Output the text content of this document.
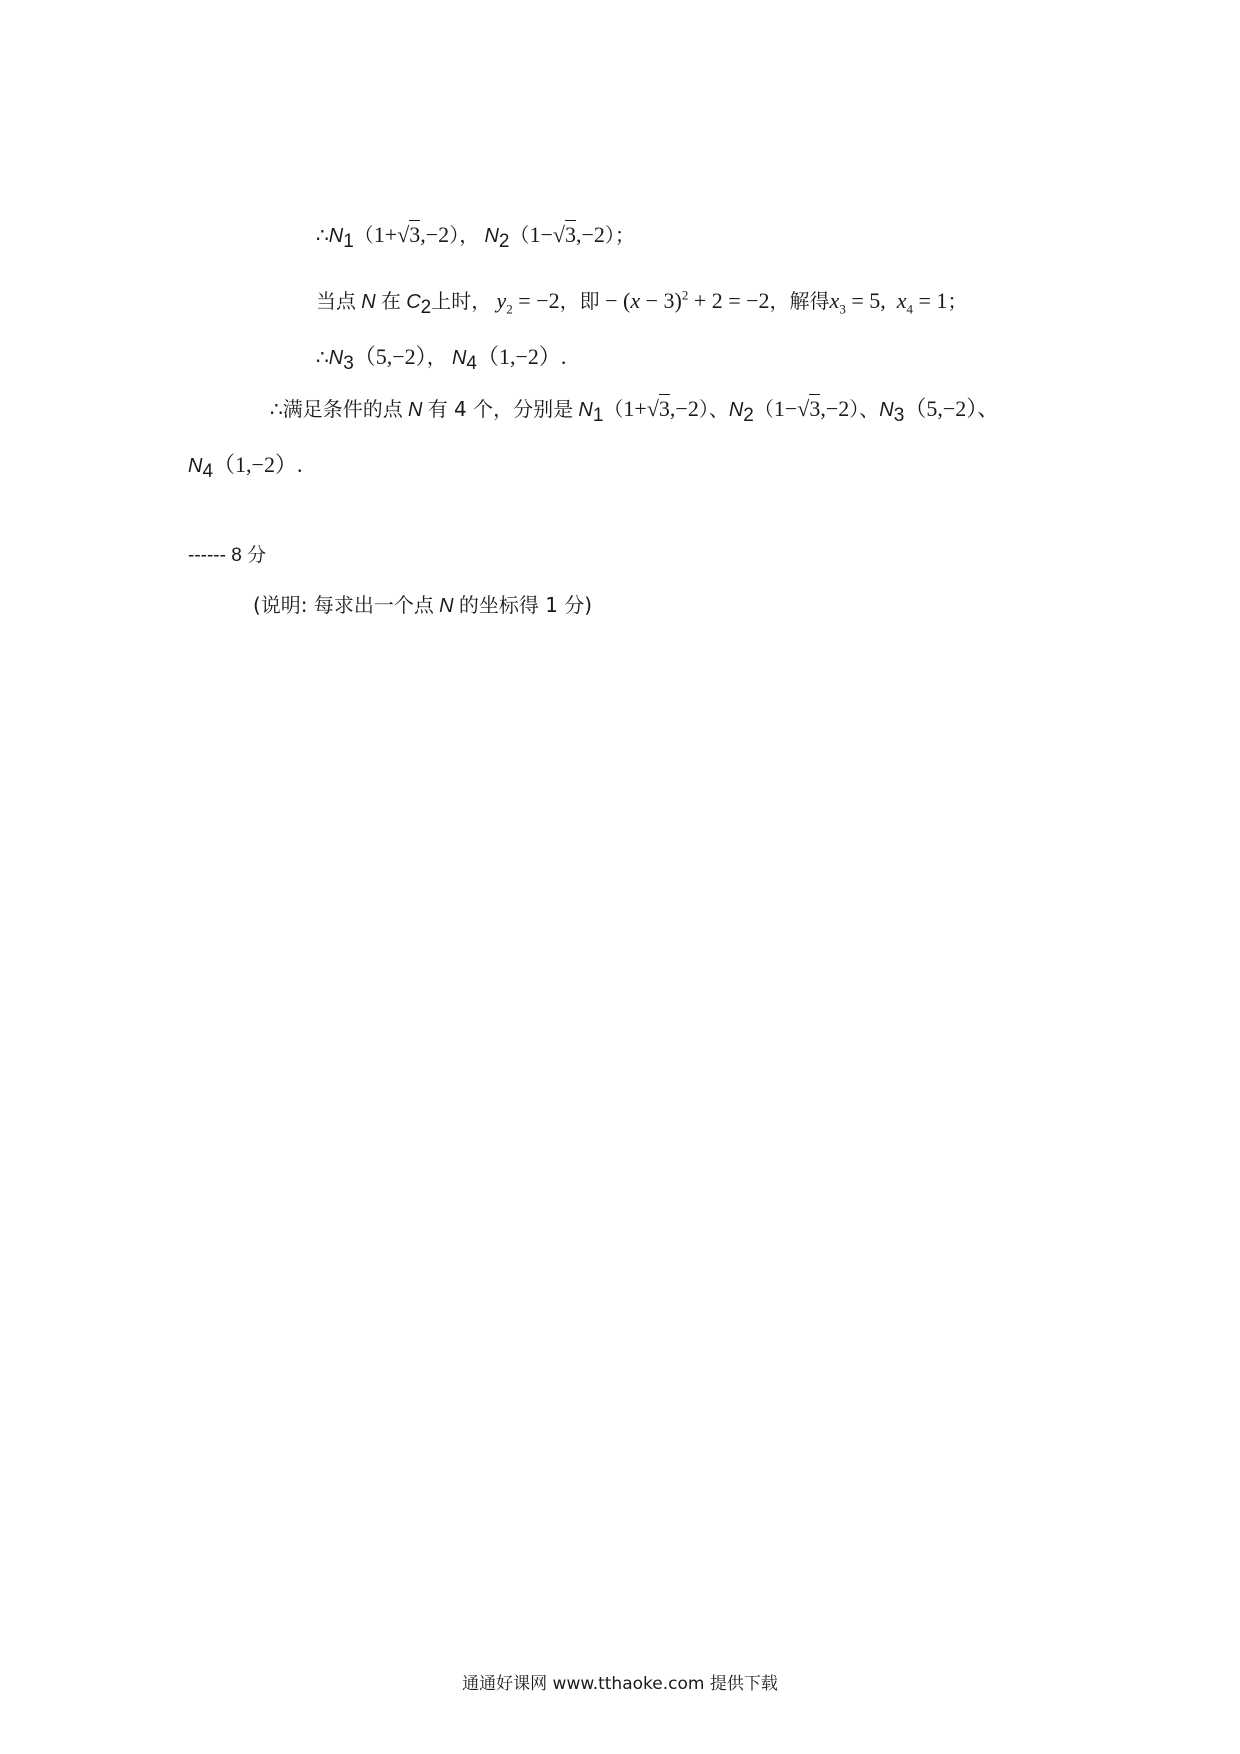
$\therefore N_1(1+√3,-2)$， $N_2(1-√3,-2)$；
当点 N 在 $C_2$上时， $y_2 = -2$，即 − $(x - 3)^2 + 2 = -2$，解得$x_3 = 5$, $x_4 = 1$；
$\therefore N_3(5,-2)$， $N_4(1,-2)$.
∴满足条件的点 N 有 4 个，分别是 $N_1(1+√3,-2)$、$N_2(1-√3,-2)$、$N_3(5,-2)$、
$N_4(1,-2)$.
------ 8 分
(说明: 每求出一个点 N 的坐标得 1 分)
通通好课网 www.tthaoke.com 提供下载
